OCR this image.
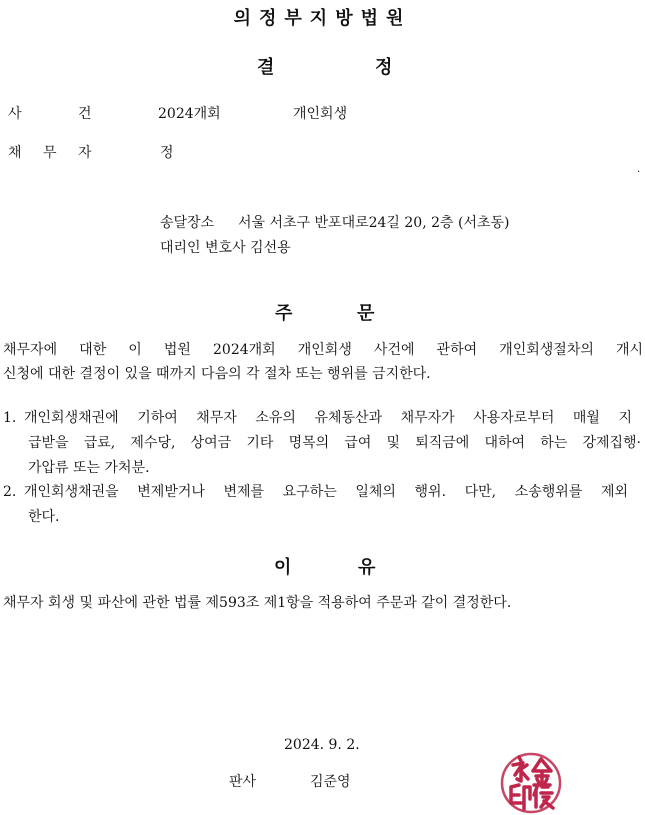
의정부지방법원
결	정
사	건	2024개회	개인회생
채 무 자	정
.
송달장소 서울 서초구 반포대로24길 20, 2층 (서초동)
대리인 변호사 김선용
주	문
채무자에 대한 이 법원 2024개회 개인회생 사건에 관하여 개인회생절차의 개시
신청에 대한 결정이 있을 때까지 다음의 각 절차 또는 행위를 금지한다.
1. 개인회생채권에 기하여 채무자 소유의 유체동산과 채무자가 사용자로부터 매월 지
급받을 급료, 제수당, 상여금 기타 명목의 급여 및 퇴직금에 대하여 하는 강제집행·
가압류 또는 가처분.
2. 개인회생채권을 변제받거나 변제를 요구하는 일체의 행위. 다만, 소송행위를 제외
한다.
이	유
채무자 회생 및 파산에 관한 법률 제593조 제1항을 적용하여 주문과 같이 결정한다.
2024. 9. 2.
판사	김준영
